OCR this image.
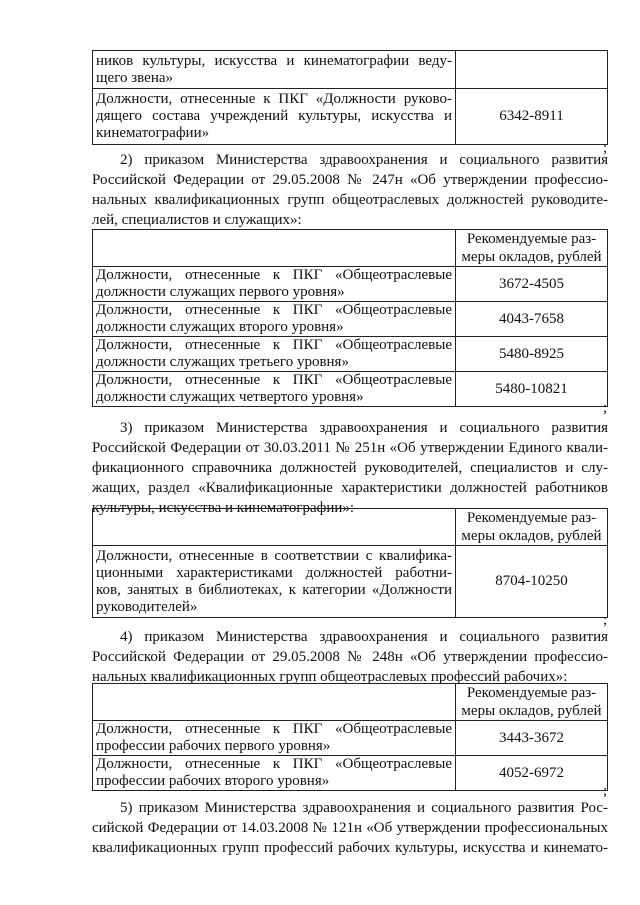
ников культуры, искусства и кинематографии веду-
щего звена»	

Должности, отнесенные к ПКГ «Должности руково-
дящего состава учреждений культуры, искусства и
кинематографии»	6342-8911
;
2) приказом Министерства здравоохранения и социального развития
Российской Федерации от 29.05.2008 № 247н «Об утверждении профессио-
нальных квалификационных групп общеотраслевых должностей руководите-
лей, специалистов и служащих»:

	Рекомендуемые раз-
меры окладов, рублей

Должности, отнесенные к ПКГ «Общеотраслевые
должности служащих первого уровня»	3672-4505

Должности, отнесенные к ПКГ «Общеотраслевые
должности служащих второго уровня»	4043-7658

Должности, отнесенные к ПКГ «Общеотраслевые
должности служащих третьего уровня»	5480-8925

Должности, отнесенные к ПКГ «Общеотраслевые
должности служащих четвертого уровня»	5480-10821
;
3) приказом Министерства здравоохранения и социального развития
Российской Федерации от 30.03.2011 № 251н «Об утверждении Единого квали-
фикационного справочника должностей руководителей, специалистов и слу-
жащих, раздел «Квалификационные характеристики должностей работников
культуры, искусства и кинематографии»:

	Рекомендуемые раз-
меры окладов, рублей

Должности, отнесенные в соответствии с квалифика-
ционными характеристиками должностей работни-
ков, занятых в библиотеках, к категории «Должности
руководителей»	8704-10250
;
4) приказом Министерства здравоохранения и социального развития
Российской Федерации от 29.05.2008 № 248н «Об утверждении профессио-
нальных квалификационных групп общеотраслевых профессий рабочих»:

	Рекомендуемые раз-
меры окладов, рублей

Должности, отнесенные к ПКГ «Общеотраслевые
профессии рабочих первого уровня»	3443-3672

Должности, отнесенные к ПКГ «Общеотраслевые
профессии рабочих второго уровня»	4052-6972
;
5) приказом Министерства здравоохранения и социального развития Рос-
сийской Федерации от 14.03.2008 № 121н «Об утверждении профессиональных
квалификационных групп профессий рабочих культуры, искусства и кинемато-
